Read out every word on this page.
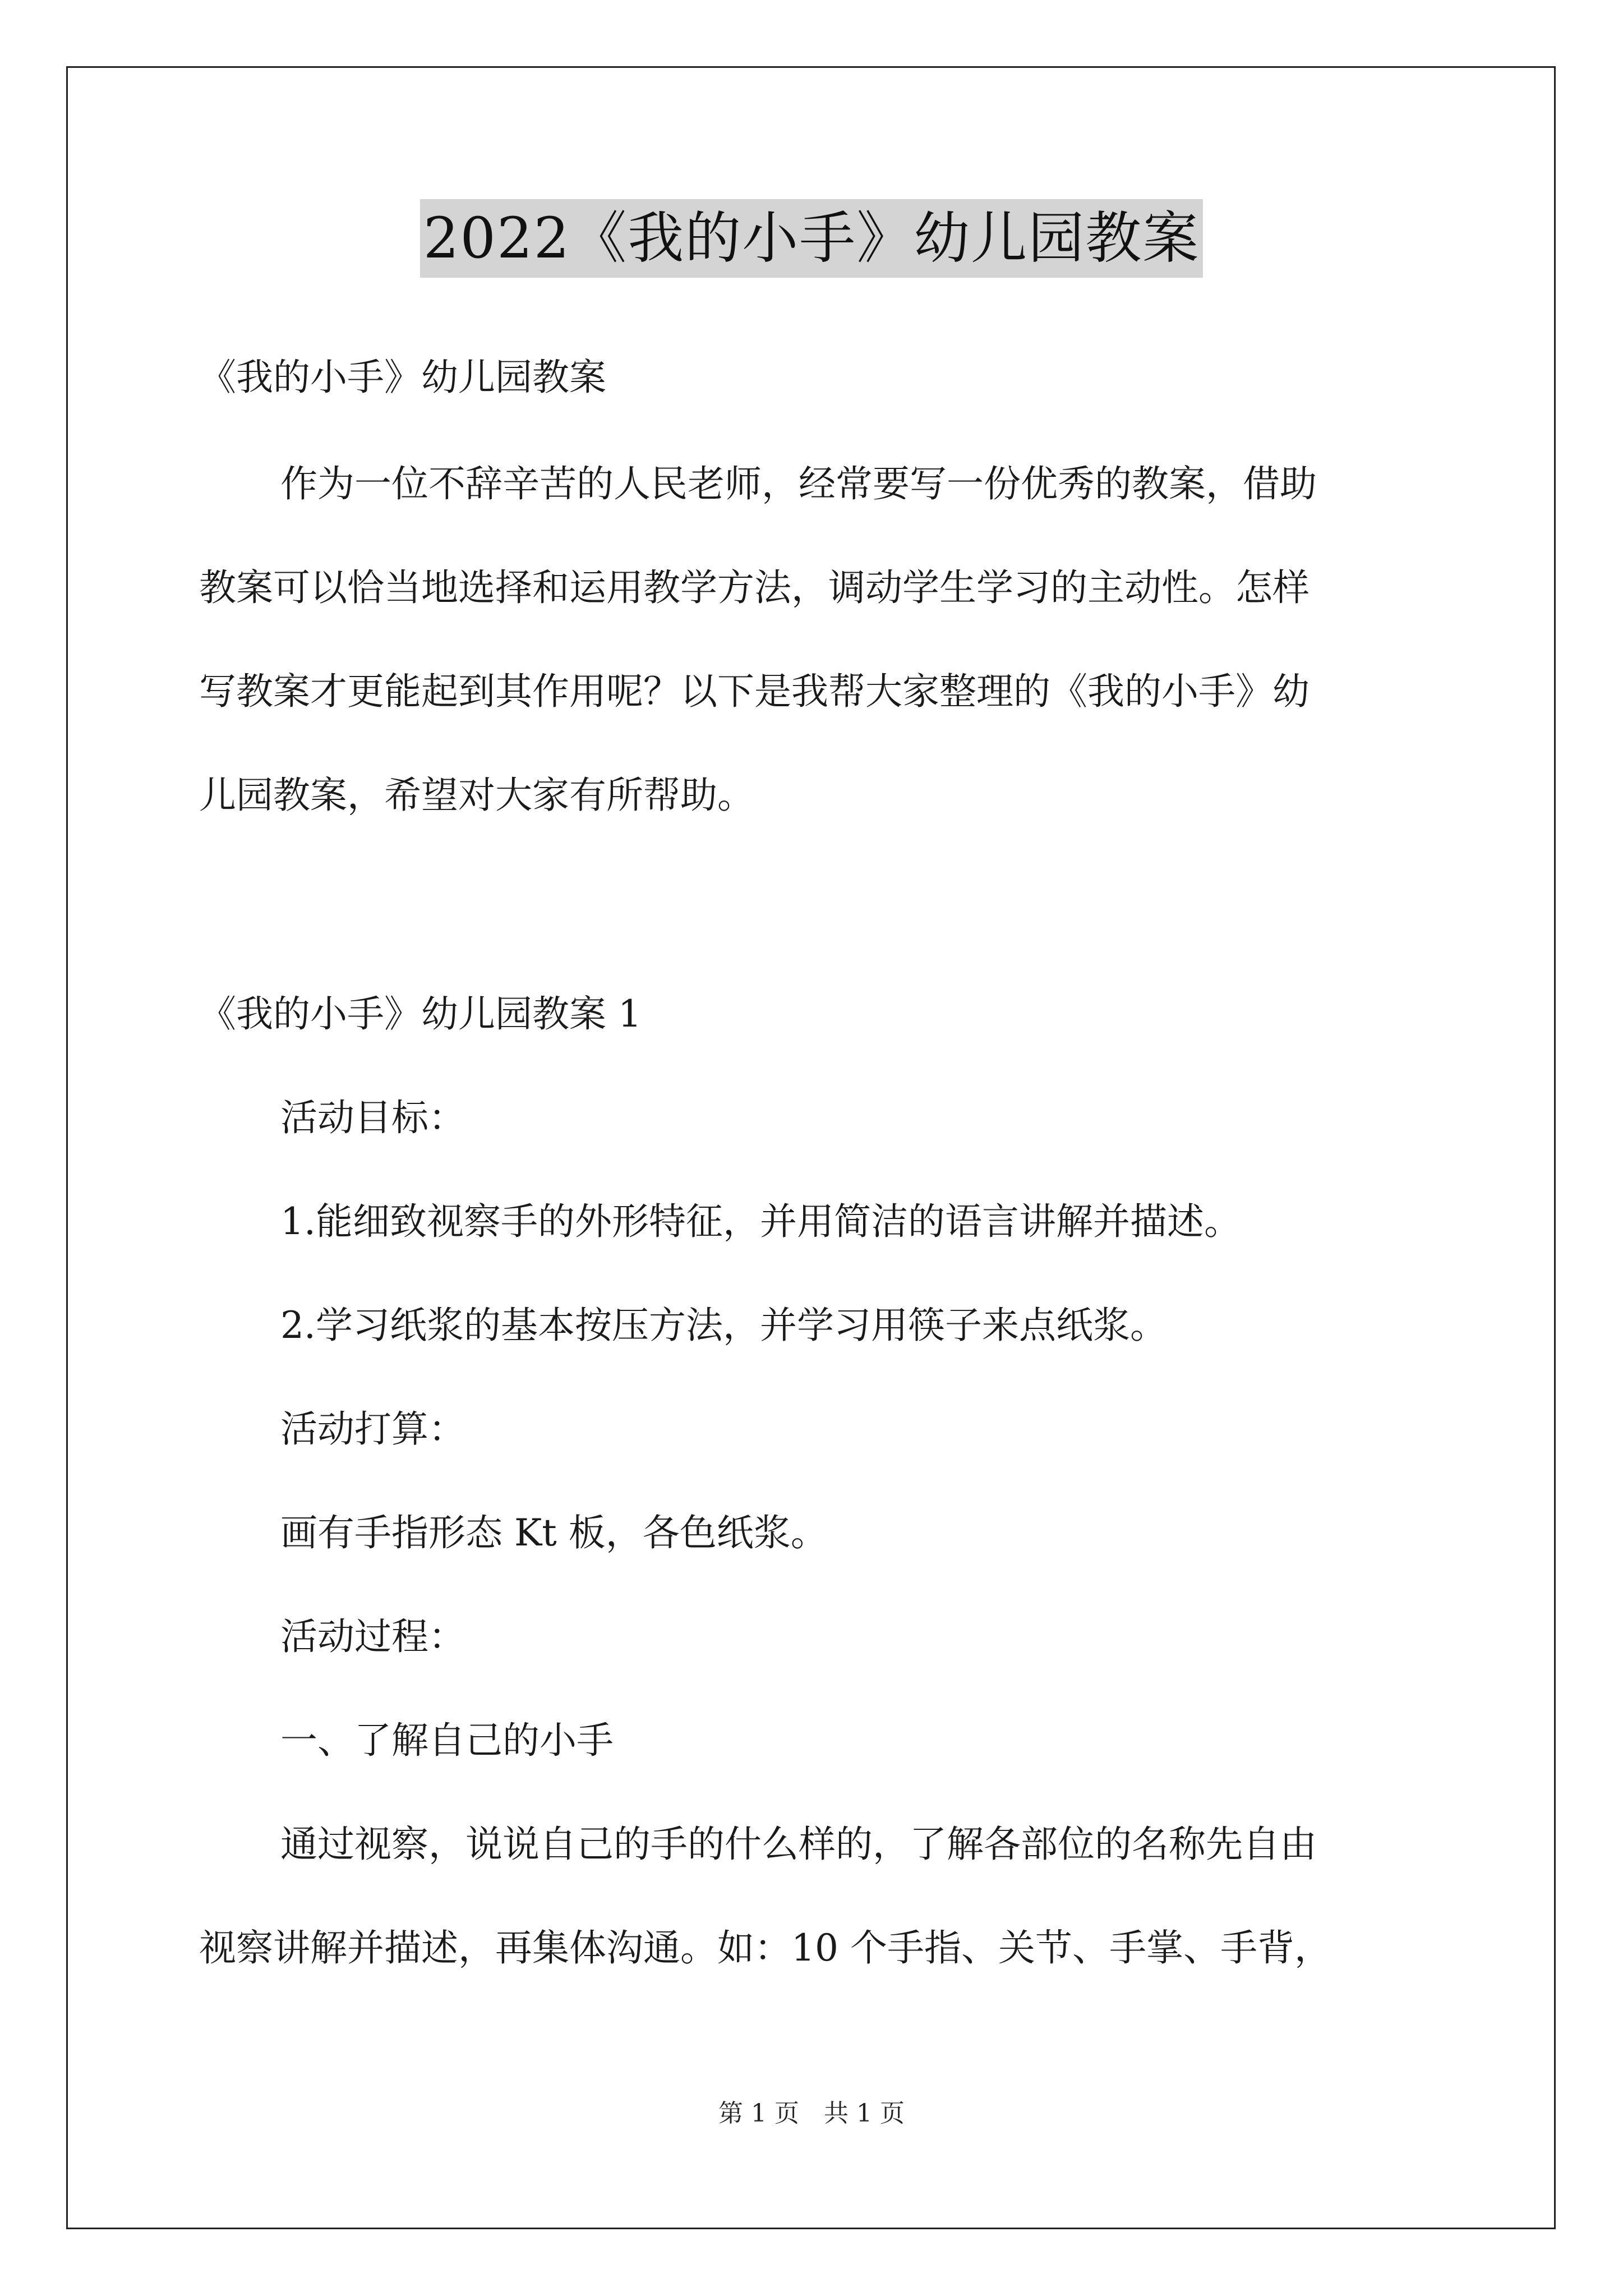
2022《我的小手》幼儿园教案
《我的小手》幼儿园教案
作为一位不辞辛苦的人民老师，经常要写一份优秀的教案，借助
教案可以恰当地选择和运用教学方法，调动学生学习的主动性。怎样
写教案才更能起到其作用呢？以下是我帮大家整理的《我的小手》幼
儿园教案，希望对大家有所帮助。
《我的小手》幼儿园教案 1
活动目标：
1.能细致视察手的外形特征，并用简洁的语言讲解并描述。
2.学习纸浆的基本按压方法，并学习用筷子来点纸浆。
活动打算：
画有手指形态 Kt 板，各色纸浆。
活动过程：
一、了解自己的小手
通过视察，说说自己的手的什么样的，了解各部位的名称先自由
视察讲解并描述，再集体沟通。如：10 个手指、关节、手掌、手背，
第 1 页　共 1 页
